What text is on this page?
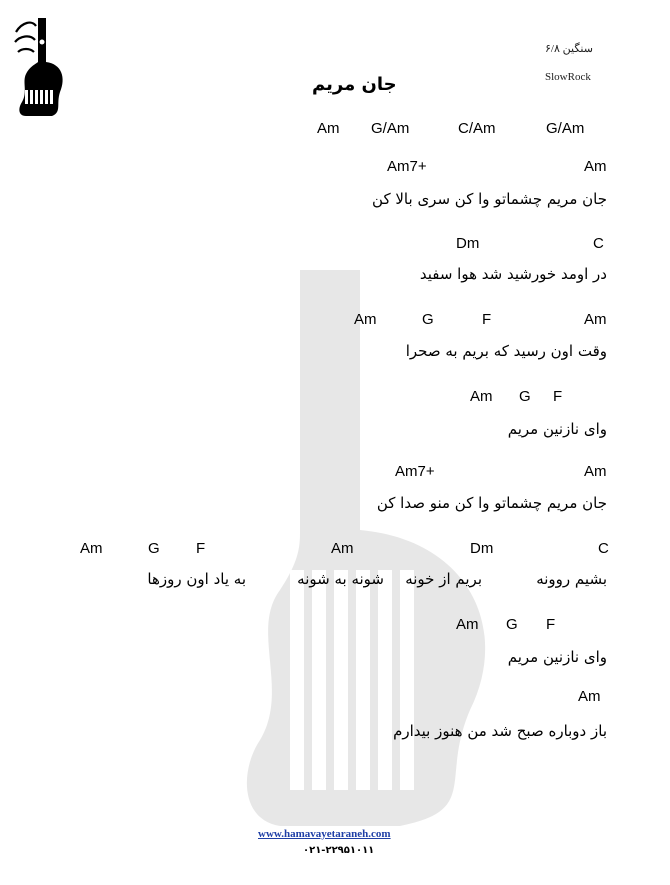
۶/۸ سنگین
SlowRock
جان مریم
Am G/Am	C/Am	G/Am
Am7+	Am
جان مریم چشماتو وا کن سری بالا کن
Dm	C
در اومد خورشید شد هوا سفید
Am	G	F	Am
وقت اون رسید که بریم به صحرا
Am G F
وای نازنین مریم
Am7+	Am
جان مریم چشماتو وا کن منو صدا کن
Am	G F	Am	Dm	C
بشیم روونه
بریم از خونه
شونه به شونه
به یاد اون روزها
Am G F
وای نازنین مریم
Am
باز دوباره صبح شد من هنوز بیدارم
www.hamavayetaraneh.com
۰۲۱-۲۲۹۵۱۰۱۱
